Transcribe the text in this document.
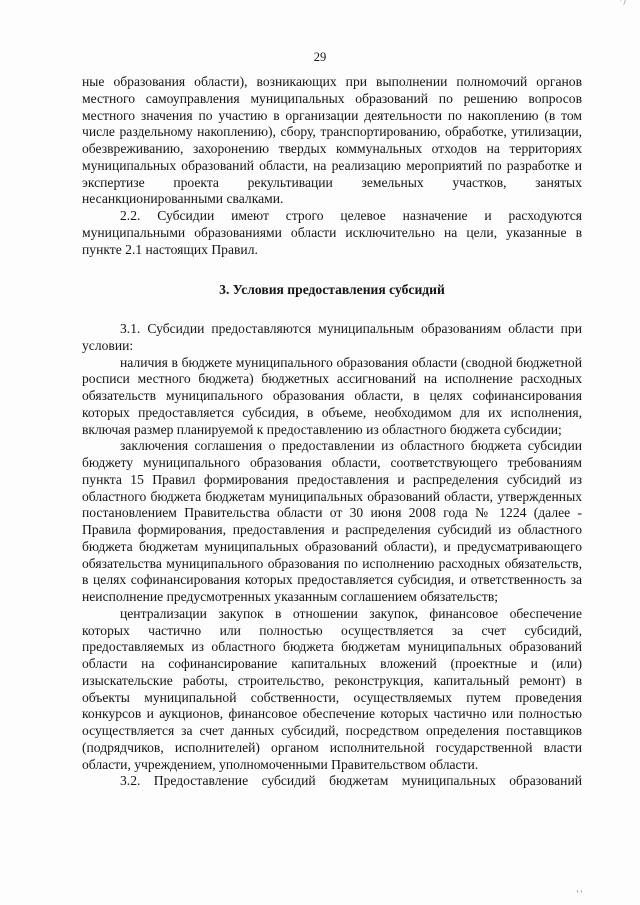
' /
29

ные образования области), возникающих при выполнении полномочий органов местного самоуправления муниципальных образований по решению вопросов местного значения по участию в организации деятельности по накоплению (в том числе раздельному накоплению), сбору, транспортированию, обработке, утилизации, обезвреживанию, захоронению твердых коммунальных отходов на территориях муниципальных образований области, на реализацию мероприятий по разработке и экспертизе проекта рекультивации земельных участков, занятых несанкционированными свалками.

2.2. Субсидии имеют строго целевое назначение и расходуются муниципальными образованиями области исключительно на цели, указанные в пункте 2.1 настоящих Правил.

3. Условия предоставления субсидий

3.1. Субсидии предоставляются муниципальным образованиям области при условии:

наличия в бюджете муниципального образования области (сводной бюджетной росписи местного бюджета) бюджетных ассигнований на исполнение расходных обязательств муниципального образования области, в целях софинансирования которых предоставляется субсидия, в объеме, необходимом для их исполнения, включая размер планируемой к предоставлению из областного бюджета субсидии;

заключения соглашения о предоставлении из областного бюджета субсидии бюджету муниципального образования области, соответствующего требованиям пункта 15 Правил формирования предоставления и распределения субсидий из областного бюджета бюджетам муниципальных образований области, утвержденных постановлением Правительства области от 30 июня 2008 года № 1224 (далее - Правила формирования, предоставления и распределения субсидий из областного бюджета бюджетам муниципальных образований области), и предусматривающего обязательства муниципального образования по исполнению расходных обязательств, в целях софинансирования которых предоставляется субсидия, и ответственность за неисполнение предусмотренных указанным соглашением обязательств;

централизации закупок в отношении закупок, финансовое обеспечение которых частично или полностью осуществляется за счет субсидий, предоставляемых из областного бюджета бюджетам муниципальных образований области на софинансирование капитальных вложений (проектные и (или) изыскательские работы, строительство, реконструкция, капитальный ремонт) в объекты муниципальной собственности, осуществляемых путем проведения конкурсов и аукционов, финансовое обеспечение которых частично или полностью осуществляется за счет данных субсидий, посредством определения поставщиков (подрядчиков, исполнителей) органом исполнительной государственной власти области, учреждением, уполномоченными Правительством области.

3.2. Предоставление субсидий бюджетам муниципальных образований

' '
